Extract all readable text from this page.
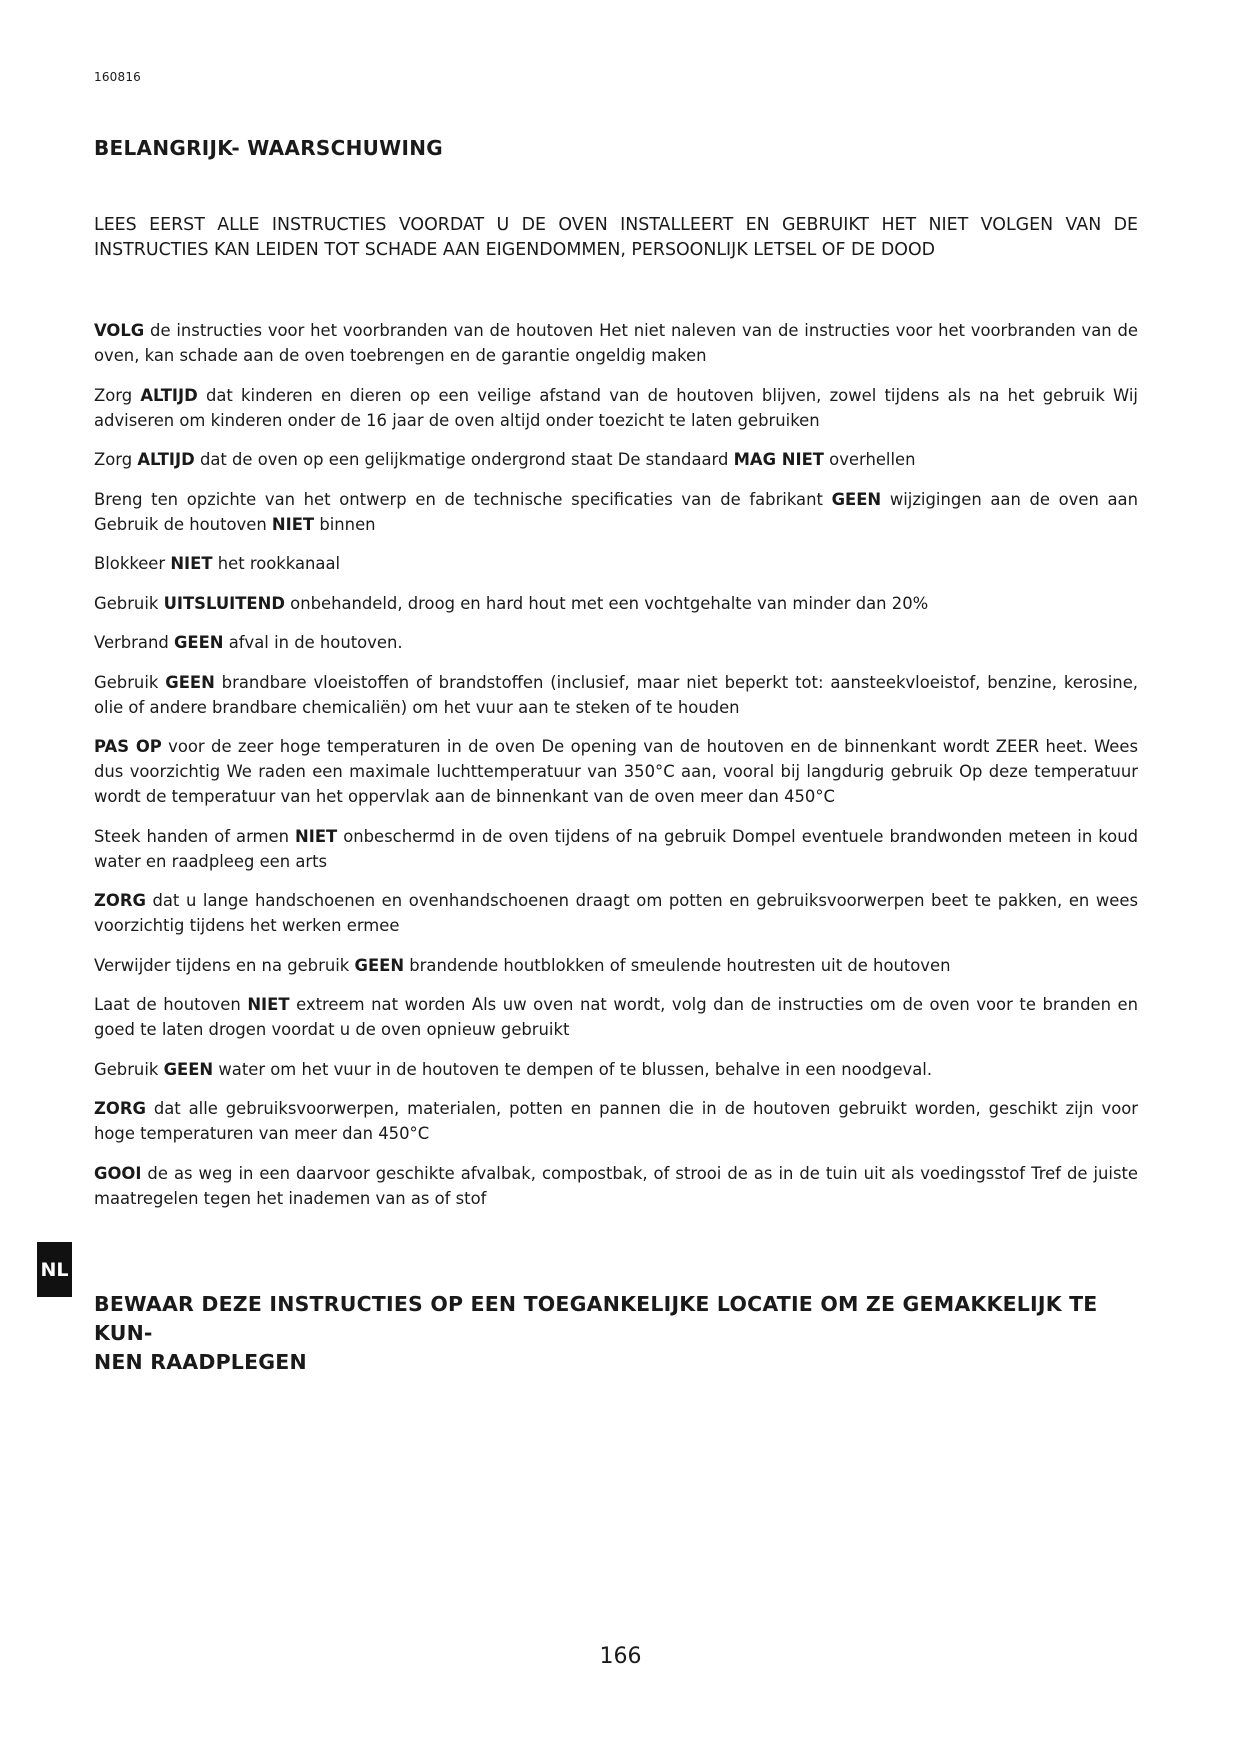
160816
BELANGRIJK- WAARSCHUWING

LEES EERST ALLE INSTRUCTIES VOORDAT U DE OVEN INSTALLEERT EN GEBRUIKT HET NIET VOLGEN VAN DE INSTRUCTIES KAN LEIDEN TOT SCHADE AAN EIGENDOMMEN, PERSOONLIJK LETSEL OF DE DOOD

VOLG de instructies voor het voorbranden van de houtoven Het niet naleven van de instructies voor het voorbranden van de oven, kan schade aan de oven toebrengen en de garantie ongeldig maken
Zorg ALTIJD dat kinderen en dieren op een veilige afstand van de houtoven blijven, zowel tijdens als na het gebruik Wij adviseren om kinderen onder de 16 jaar de oven altijd onder toezicht te laten gebruiken
Zorg ALTIJD dat de oven op een gelijkmatige ondergrond staat De standaard MAG NIET overhellen
Breng ten opzichte van het ontwerp en de technische specificaties van de fabrikant GEEN wijzigingen aan de oven aan Gebruik de houtoven NIET binnen
Blokkeer NIET het rookkanaal
Gebruik UITSLUITEND onbehandeld, droog en hard hout met een vochtgehalte van minder dan 20%
Verbrand GEEN afval in de houtoven.
Gebruik GEEN brandbare vloeistoffen of brandstoffen (inclusief, maar niet beperkt tot: aansteekvloeistof, benzine, kerosine, olie of andere brandbare chemicaliën) om het vuur aan te steken of te houden
PAS OP voor de zeer hoge temperaturen in de oven De opening van de houtoven en de binnenkant wordt ZEER heet. Wees dus voorzichtig We raden een maximale luchttemperatuur van 350°C aan, vooral bij langdurig gebruik Op deze temperatuur wordt de temperatuur van het oppervlak aan de binnenkant van de oven meer dan 450°C
Steek handen of armen NIET onbeschermd in de oven tijdens of na gebruik Dompel eventuele brandwonden meteen in koud water en raadpleeg een arts
ZORG dat u lange handschoenen en ovenhandschoenen draagt om potten en gebruiksvoorwerpen beet te pakken, en wees voorzichtig tijdens het werken ermee
Verwijder tijdens en na gebruik GEEN brandende houtblokken of smeulende houtresten uit de houtoven
Laat de houtoven NIET extreem nat worden Als uw oven nat wordt, volg dan de instructies om de oven voor te branden en goed te laten drogen voordat u de oven opnieuw gebruikt
Gebruik GEEN water om het vuur in de houtoven te dempen of te blussen, behalve in een noodgeval.
ZORG dat alle gebruiksvoorwerpen, materialen, potten en pannen die in de houtoven gebruikt worden, geschikt zijn voor hoge temperaturen van meer dan 450°C
GOOI de as weg in een daarvoor geschikte afvalbak, compostbak, of strooi de as in de tuin uit als voedingsstof Tref de juiste maatregelen tegen het inademen van as of stof
NL
BEWAAR DEZE INSTRUCTIES OP EEN TOEGANKELIJKE LOCATIE OM ZE GEMAKKELIJK TE KUN-
NEN RAADPLEGEN
166
